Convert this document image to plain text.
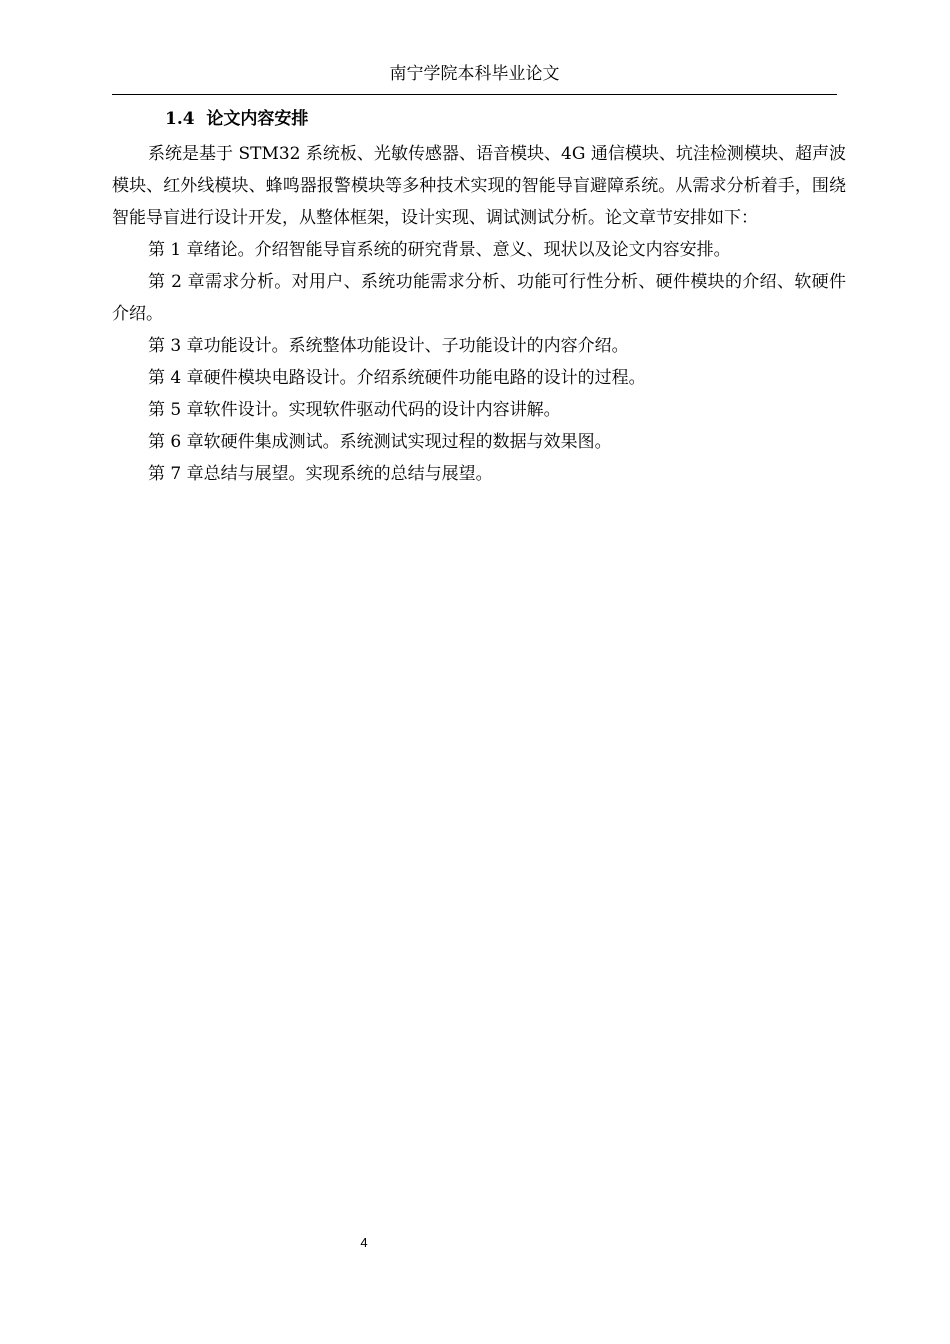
南宁学院本科毕业论文
1.4 论文内容安排

系统是基于 STM32 系统板、光敏传感器、语音模块、4G 通信模块、坑洼检测模块、超声波模块、红外线模块、蜂鸣器报警模块等多种技术实现的智能导盲避障系统。从需求分析着手，围绕智能导盲进行设计开发，从整体框架，设计实现、调试测试分析。论文章节安排如下：

第 1 章绪论。介绍智能导盲系统的研究背景、意义、现状以及论文内容安排。

第 2 章需求分析。对用户、系统功能需求分析、功能可行性分析、硬件模块的介绍、软硬件介绍。

第 3 章功能设计。系统整体功能设计、子功能设计的内容介绍。

第 4 章硬件模块电路设计。介绍系统硬件功能电路的设计的过程。

第 5 章软件设计。实现软件驱动代码的设计内容讲解。

第 6 章软硬件集成测试。系统测试实现过程的数据与效果图。

第 7 章总结与展望。实现系统的总结与展望。

4
